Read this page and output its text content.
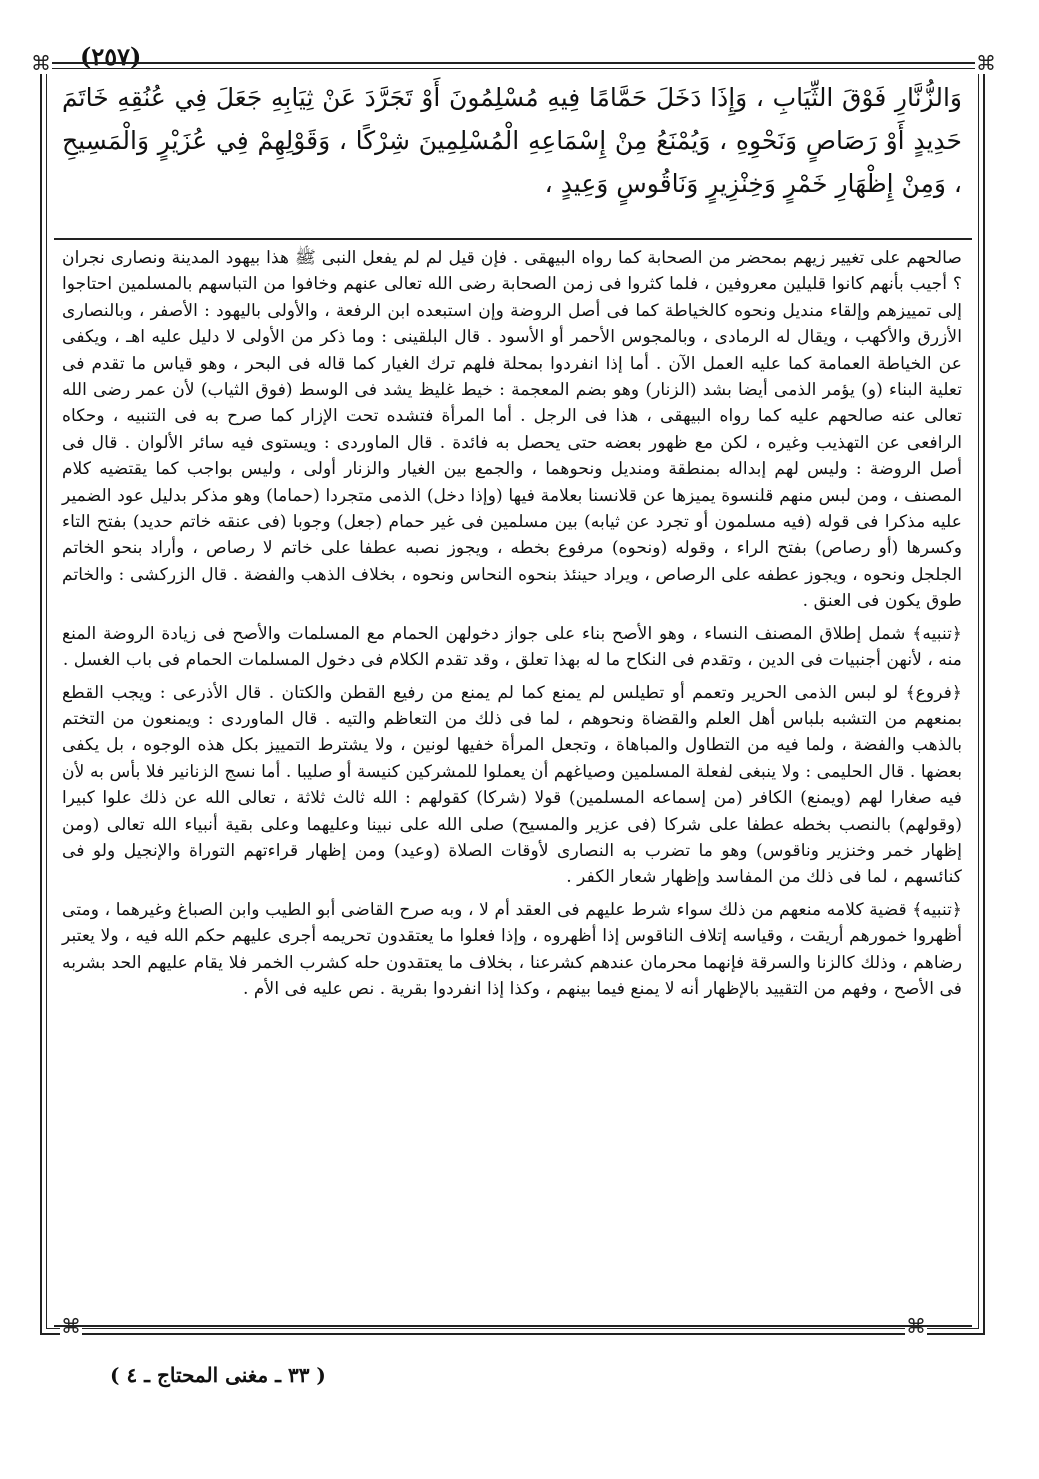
(٢٥٧)
⌘	⌘
⌘	⌘
وَالزُّنَّارِ فَوْقَ الثِّيَابِ ، وَإِذَا دَخَلَ حَمَّامًا فِيهِ مُسْلِمُونَ أَوْ تَجَرَّدَ عَنْ ثِيَابِهِ جَعَلَ فِي عُنُقِهِ خَاتَمَ حَدِيدٍ أَوْ رَصَاصٍ وَنَحْوِهِ ، وَيُمْنَعُ مِنْ إِسْمَاعِهِ الْمُسْلِمِينَ شِرْكًا ، وَقَوْلِهِمْ فِي عُزَيْرٍ وَالْمَسِيحِ ، وَمِنْ إِظْهَارِ خَمْرٍ وَخِنْزِيرٍ وَنَاقُوسٍ وَعِيدٍ ،

صالحهم على تغيير زيهم بمحضر من الصحابة كما رواه البيهقى . فإن قيل لم لم يفعل النبى ﷺ هذا بيهود المدينة ونصارى نجران ؟ أجيب بأنهم كانوا قليلين معروفين ، فلما كثروا فى زمن الصحابة رضى الله تعالى عنهم وخافوا من التباسهم بالمسلمين احتاجوا إلى تمييزهم وإلقاء منديل ونحوه كالخياطة كما فى أصل الروضة وإن استبعده ابن الرفعة ، والأولى باليهود : الأصفر ، وبالنصارى الأزرق والأكهب ، ويقال له الرمادى ، وبالمجوس الأحمر أو الأسود . قال البلقينى : وما ذكر من الأولى لا دليل عليه اهـ ، ويكفى عن الخياطة العمامة كما عليه العمل الآن . أما إذا انفردوا بمحلة فلهم ترك الغيار كما قاله فى البحر ، وهو قياس ما تقدم فى تعلية البناء (و) يؤمر الذمى أيضا بشد (الزنار) وهو بضم المعجمة : خيط غليظ يشد فى الوسط (فوق الثياب) لأن عمر رضى الله تعالى عنه صالحهم عليه كما رواه البيهقى ، هذا فى الرجل . أما المرأة فتشده تحت الإزار كما صرح به فى التنبيه ، وحكاه الرافعى عن التهذيب وغيره ، لكن مع ظهور بعضه حتى يحصل به فائدة . قال الماوردى : ويستوى فيه سائر الألوان . قال فى أصل الروضة : وليس لهم إبداله بمنطقة ومنديل ونحوهما ، والجمع بين الغيار والزنار أولى ، وليس بواجب كما يقتضيه كلام المصنف ، ومن لبس منهم قلنسوة يميزها عن قلانسنا بعلامة فيها (وإذا دخل) الذمى متجردا (حماما) وهو مذكر بدليل عود الضمير عليه مذكرا فى قوله (فيه مسلمون أو تجرد عن ثيابه) بين مسلمين فى غير حمام (جعل) وجوبا (فى عنقه خاتم حديد) بفتح التاء وكسرها (أو رصاص) بفتح الراء ، وقوله (ونحوه) مرفوع بخطه ، ويجوز نصبه عطفا على خاتم لا رصاص ، وأراد بنحو الخاتم الجلجل ونحوه ، ويجوز عطفه على الرصاص ، ويراد حينئذ بنحوه النحاس ونحوه ، بخلاف الذهب والفضة . قال الزركشى : والخاتم طوق يكون فى العنق .

﴿تنبيه﴾ شمل إطلاق المصنف النساء ، وهو الأصح بناء على جواز دخولهن الحمام مع المسلمات والأصح فى زيادة الروضة المنع منه ، لأنهن أجنبيات فى الدين ، وتقدم فى النكاح ما له بهذا تعلق ، وقد تقدم الكلام فى دخول المسلمات الحمام فى باب الغسل .

﴿فروع﴾ لو لبس الذمى الحرير وتعمم أو تطيلس لم يمنع كما لم يمنع من رفيع القطن والكتان . قال الأذرعى : ويجب القطع بمنعهم من التشبه بلباس أهل العلم والقضاة ونحوهم ، لما فى ذلك من التعاظم والتيه . قال الماوردى : ويمنعون من التختم بالذهب والفضة ، ولما فيه من التطاول والمباهاة ، وتجعل المرأة خفيها لونين ، ولا يشترط التمييز بكل هذه الوجوه ، بل يكفى بعضها . قال الحليمى : ولا ينبغى لفعلة المسلمين وصياغهم أن يعملوا للمشركين كنيسة أو صليبا . أما نسج الزنانير فلا بأس به لأن فيه صغارا لهم (ويمنع) الكافر (من إسماعه المسلمين) قولا (شركا) كقولهم : الله ثالث ثلاثة ، تعالى الله عن ذلك علوا كبيرا (وقولهم) بالنصب بخطه عطفا على شركا (فى عزير والمسيح) صلى الله على نبينا وعليهما وعلى بقية أنبياء الله تعالى (ومن إظهار خمر وخنزير وناقوس) وهو ما تضرب به النصارى لأوقات الصلاة (وعيد) ومن إظهار قراءتهم التوراة والإنجيل ولو فى كنائسهم ، لما فى ذلك من المفاسد وإظهار شعار الكفر .

﴿تنبيه﴾ قضية كلامه منعهم من ذلك سواء شرط عليهم فى العقد أم لا ، وبه صرح القاضى أبو الطيب وابن الصباغ وغيرهما ، ومتى أظهروا خمورهم أريقت ، وقياسه إتلاف الناقوس إذا أظهروه ، وإذا فعلوا ما يعتقدون تحريمه أجرى عليهم حكم الله فيه ، ولا يعتبر رضاهم ، وذلك كالزنا والسرقة فإنهما محرمان عندهم كشرعنا ، بخلاف ما يعتقدون حله كشرب الخمر فلا يقام عليهم الحد بشربه فى الأصح ، وفهم من التقييد بالإظهار أنه لا يمنع فيما بينهم ، وكذا إذا انفردوا بقرية . نص عليه فى الأم .

( ٣٣ ـ مغنى المحتاج ـ ٤ )
